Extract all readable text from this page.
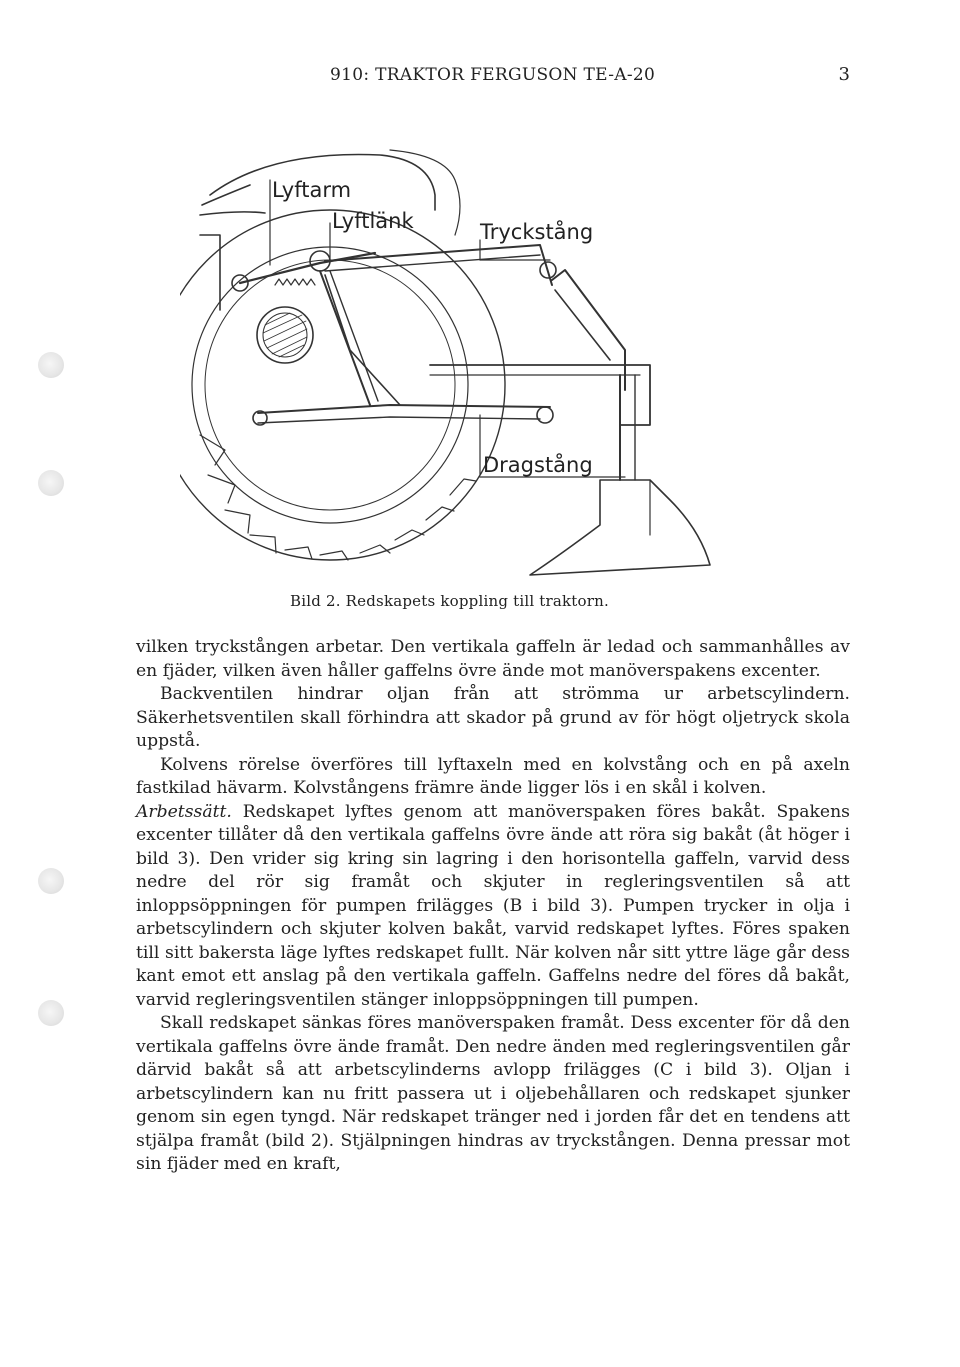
910: TRAKTOR FERGUSON TE-A-20	3
Lyftarm
Lyftlänk	Tryckstång
Dragstång
Bild 2. Redskapets koppling till traktorn.

vilken tryckstången arbetar. Den vertikala gaffeln är ledad och sammanhålles av en fjäder, vilken även håller gaffelns övre ände mot manöverspakens excenter.

Backventilen hindrar oljan från att strömma ur arbetscylindern. Säkerhetsventilen skall förhindra att skador på grund av för högt oljetryck skola uppstå.

Kolvens rörelse överföres till lyftaxeln med en kolvstång och en på axeln fastkilad hävarm. Kolvstångens främre ände ligger lös i en skål i kolven.

Arbetssätt. Redskapet lyftes genom att manöverspaken föres bakåt. Spakens excenter tillåter då den vertikala gaffelns övre ände att röra sig bakåt (åt höger i bild 3). Den vrider sig kring sin lagring i den horisontella gaffeln, varvid dess nedre del rör sig framåt och skjuter in regleringsventilen så att inloppsöppningen för pumpen frilägges (B i bild 3). Pumpen trycker in olja i arbetscylindern och skjuter kolven bakåt, varvid redskapet lyftes. Föres spaken till sitt bakersta läge lyftes redskapet fullt. När kolven når sitt yttre läge går dess kant emot ett anslag på den vertikala gaffeln. Gaffelns nedre del föres då bakåt, varvid regleringsventilen stänger inloppsöppningen till pumpen.

Skall redskapet sänkas föres manöverspaken framåt. Dess excenter för då den vertikala gaffelns övre ände framåt. Den nedre änden med regleringsventilen går därvid bakåt så att arbetscylinderns avlopp frilägges (C i bild 3). Oljan i arbetscylindern kan nu fritt passera ut i oljebehållaren och redskapet sjunker genom sin egen tyngd. När redskapet tränger ned i jorden får det en tendens att stjälpa framåt (bild 2). Stjälpningen hindras av tryckstången. Denna pressar mot sin fjäder med en kraft,
